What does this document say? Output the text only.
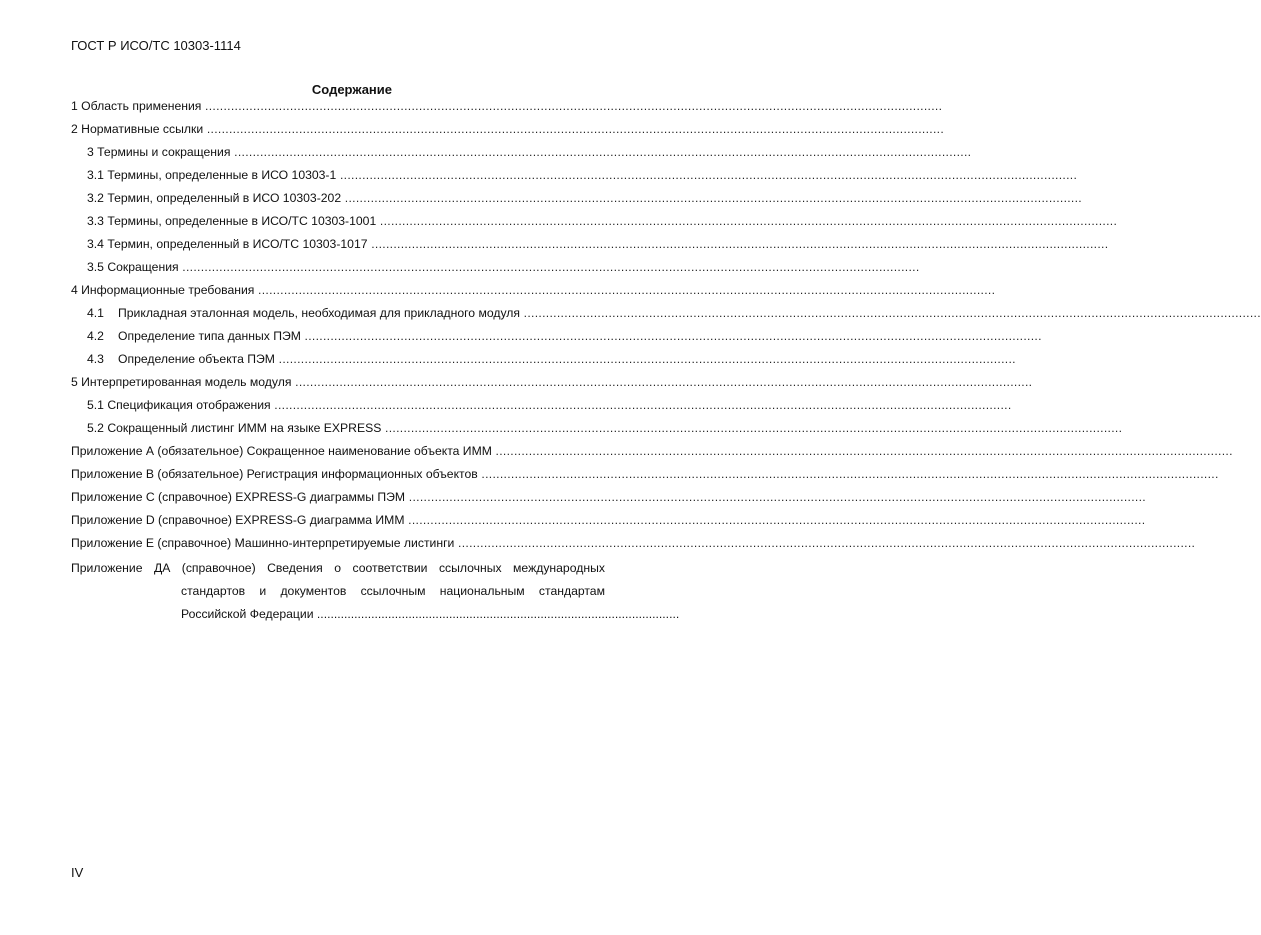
ГОСТ Р ИСО/ТС 10303-1114
Содержание
1 Область применения ........................................................................................................................................................................................................
2 Нормативные ссылки ........................................................................................................................................................................................................
3 Термины и сокращения ........................................................................................................................................................................................................
3.1 Термины, определенные в ИСО 10303-1 ........................................................................................................................................................................................................
3.2 Термин, определенный в ИСО 10303-202 ........................................................................................................................................................................................................
3.3 Термины, определенные в ИСО/ТС 10303-1001 ........................................................................................................................................................................................................
3.4 Термин, определенный в ИСО/ТС 10303-1017 ........................................................................................................................................................................................................
3.5 Сокращения ........................................................................................................................................................................................................
4 Информационные требования ........................................................................................................................................................................................................
4.1 Прикладная эталонная модель, необходимая для прикладного модуля ........................................................................................................................................................................................................
4.2 Определение типа данных ПЭМ ........................................................................................................................................................................................................
4.3 Определение объекта ПЭМ ........................................................................................................................................................................................................
5 Интерпретированная модель модуля ........................................................................................................................................................................................................
5.1 Спецификация отображения ........................................................................................................................................................................................................
5.2 Сокращенный листинг ИММ на языке EXPRESS ........................................................................................................................................................................................................
Приложение А (обязательное) Сокращенное наименование объекта ИММ ........................................................................................................................................................................................................
Приложение В (обязательное) Регистрация информационных объектов ........................................................................................................................................................................................................
Приложение С (справочное) EXPRESS-G диаграммы ПЭМ ........................................................................................................................................................................................................
Приложение D (справочное) EXPRESS-G диаграмма ИММ ........................................................................................................................................................................................................
Приложение Е (справочное) Машинно-интерпретируемые листинги ........................................................................................................................................................................................................
Приложение ДА (справочное) Сведения о соответствии ссылочных международных
стандартов и документов ссылочным национальным стандартам
Российской Федерации ...........................................................................................................
IV
